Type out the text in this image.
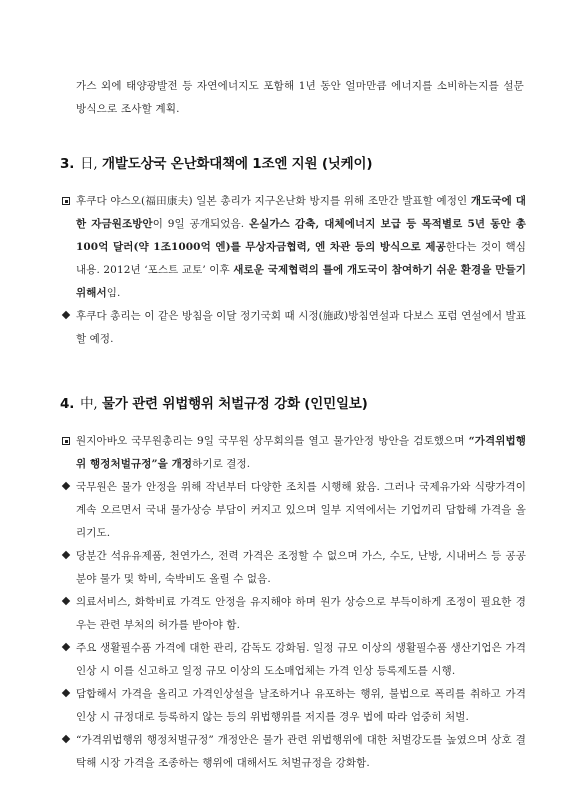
가스 외에 태양광발전 등 자연에너지도 포함해 1년 동안 얼마만큼 에너지를 소비하는지를 설문방식으로 조사할 계획.
3. 日, 개발도상국 온난화대책에 1조엔 지원 (닛케이)
후쿠다 야스오(福田康夫) 일본 총리가 지구온난화 방지를 위해 조만간 발표할 예정인 개도국에 대한 자금원조방안이 9일 공개되었음. 온실가스 감축, 대체에너지 보급 등 목적별로 5년 동안 총 100억 달러(약 1조1000억 엔)를 무상자금협력, 엔 차관 등의 방식으로 제공한다는 것이 핵심내용. 2012년 ‘포스트 교토’ 이후 새로운 국제협력의 틀에 개도국이 참여하기 쉬운 환경을 만들기 위해서임.
후쿠다 총리는 이 같은 방침을 이달 정기국회 때 시정(施政)방침연설과 다보스 포럼 연설에서 발표할 예정.
4. 中, 물가 관련 위법행위 처벌규정 강화 (인민일보)
원지아바오 국무원총리는 9일 국무원 상무회의를 열고 물가안정 방안을 검토했으며 “가격위법행위 행정처벌규정”을 개정하기로 결정.
국무원은 물가 안정을 위해 작년부터 다양한 조치를 시행해 왔음. 그러나 국제유가와 식량가격이 계속 오르면서 국내 물가상승 부담이 커지고 있으며 일부 지역에서는 기업끼리 담합해 가격을 올리기도.
당분간 석유유제품, 천연가스, 전력 가격은 조정할 수 없으며 가스, 수도, 난방, 시내버스 등 공공분야 물가 및 학비, 숙박비도 올릴 수 없음.
의료서비스, 화학비료 가격도 안정을 유지해야 하며 원가 상승으로 부득이하게 조정이 필요한 경우는 관련 부처의 허가를 받아야 함.
주요 생활필수품 가격에 대한 관리, 감독도 강화됨. 일정 규모 이상의 생활필수품 생산기업은 가격 인상 시 이를 신고하고 일정 규모 이상의 도소매업체는 가격 인상 등록제도를 시행.
담합해서 가격을 올리고 가격인상설을 날조하거나 유포하는 행위, 불법으로 폭리를 취하고 가격 인상 시 규정대로 등록하지 않는 등의 위법행위를 저지를 경우 법에 따라 엄중히 처벌.
“가격위법행위 행정처벌규정” 개정안은 물가 관련 위법행위에 대한 처벌강도를 높였으며 상호 결탁해 시장 가격을 조종하는 행위에 대해서도 처벌규정을 강화함.
